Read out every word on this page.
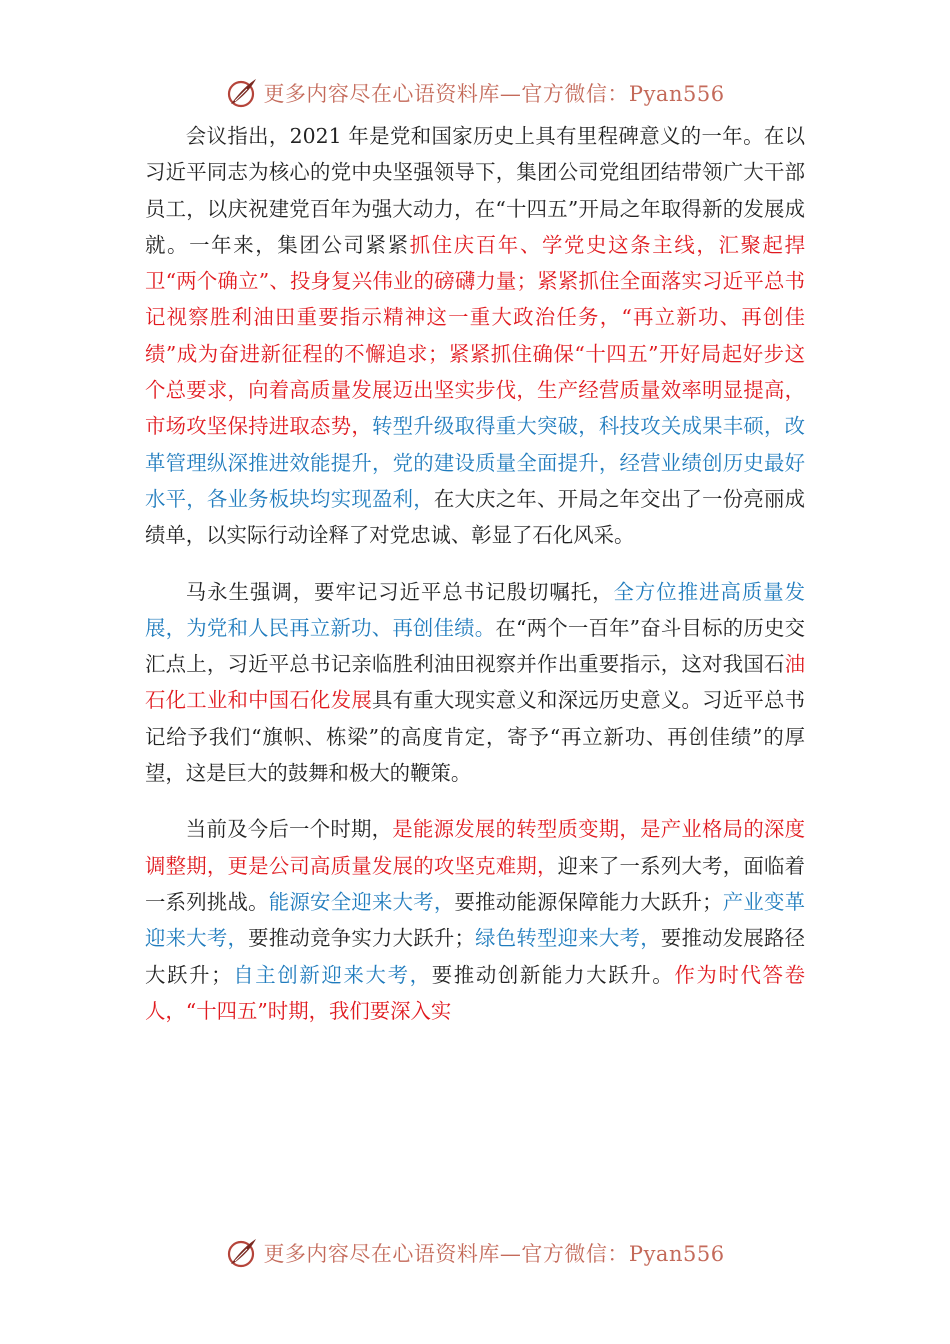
更多内容尽在心语资料库—官方微信：Pyan556

会议指出，2021 年是党和国家历史上具有里程碑意义的一年。在以习近平同志为核心的党中央坚强领导下，集团公司党组团结带领广大干部员工，以庆祝建党百年为强大动力，在“十四五”开局之年取得新的发展成就。一年来，集团公司紧紧抓住庆百年、学党史这条主线，汇聚起捍卫“两个确立”、投身复兴伟业的磅礴力量；紧紧抓住全面落实习近平总书记视察胜利油田重要指示精神这一重大政治任务，“再立新功、再创佳绩”成为奋进新征程的不懈追求；紧紧抓住确保“十四五”开好局起好步这个总要求，向着高质量发展迈出坚实步伐，生产经营质量效率明显提高，市场攻坚保持进取态势，转型升级取得重大突破，科技攻关成果丰硕，改革管理纵深推进效能提升，党的建设质量全面提升，经营业绩创历史最好水平，各业务板块均实现盈利，在大庆之年、开局之年交出了一份亮丽成绩单，以实际行动诠释了对党忠诚、彰显了石化风采。

马永生强调，要牢记习近平总书记殷切嘱托，全方位推进高质量发展，为党和人民再立新功、再创佳绩。在“两个一百年”奋斗目标的历史交汇点上，习近平总书记亲临胜利油田视察并作出重要指示，这对我国石油石化工业和中国石化发展具有重大现实意义和深远历史意义。习近平总书记给予我们“旗帜、栋梁”的高度肯定，寄予“再立新功、再创佳绩”的厚望，这是巨大的鼓舞和极大的鞭策。

当前及今后一个时期，是能源发展的转型质变期，是产业格局的深度调整期，更是公司高质量发展的攻坚克难期，迎来了一系列大考，面临着一系列挑战。能源安全迎来大考，要推动能源保障能力大跃升；产业变革迎来大考，要推动竞争实力大跃升；绿色转型迎来大考，要推动发展路径大跃升；自主创新迎来大考，要推动创新能力大跃升。作为时代答卷人，“十四五”时期，我们要深入实

更多内容尽在心语资料库—官方微信：Pyan556
